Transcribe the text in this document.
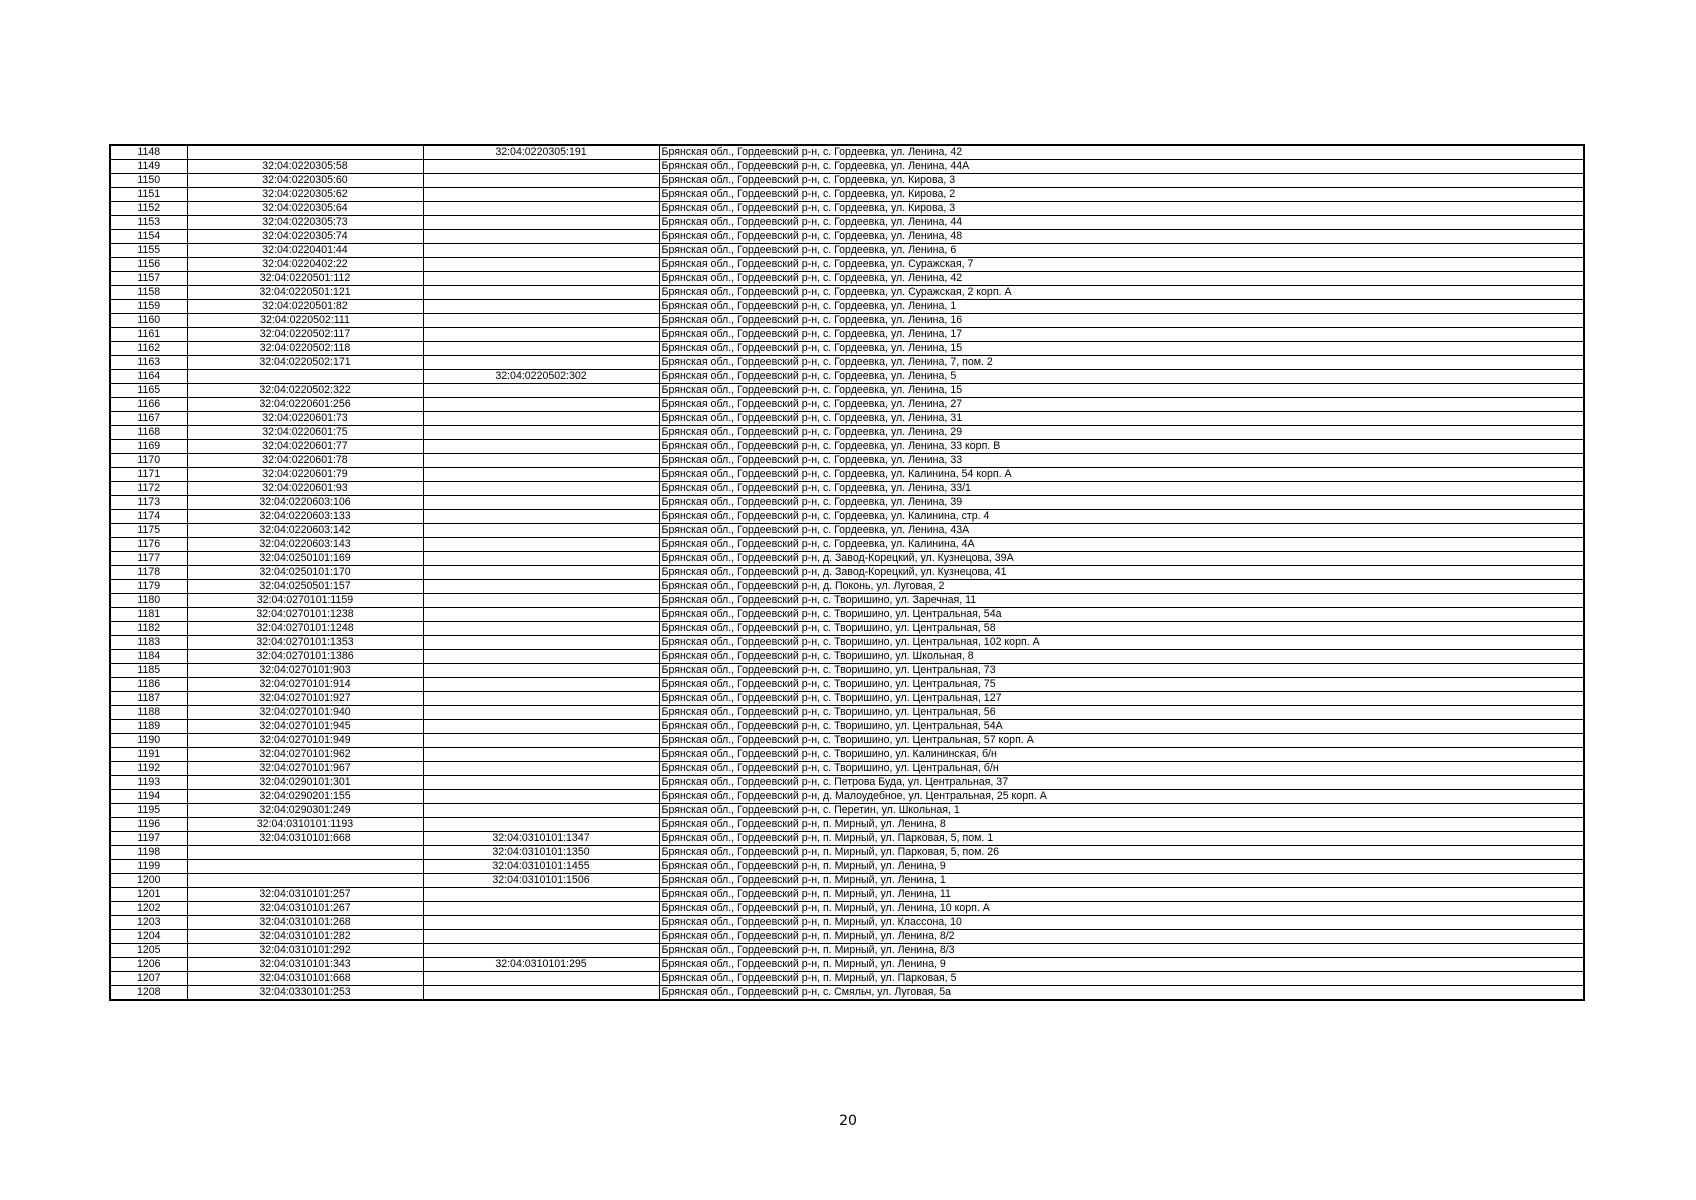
1148		32:04:0220305:191	Брянская обл., Гордеевский р-н, с. Гордеевка, ул. Ленина, 42
1149	32:04:0220305:58		Брянская обл., Гордеевский р-н, с. Гордеевка, ул. Ленина, 44А
1150	32:04:0220305:60		Брянская обл., Гордеевский р-н, с. Гордеевка, ул. Кирова, 3
1151	32:04:0220305:62		Брянская обл., Гордеевский р-н, с. Гордеевка, ул. Кирова, 2
1152	32:04:0220305:64		Брянская обл., Гордеевский р-н, с. Гордеевка, ул. Кирова, 3
1153	32:04:0220305:73		Брянская обл., Гордеевский р-н, с. Гордеевка, ул. Ленина, 44
1154	32:04:0220305:74		Брянская обл., Гордеевский р-н, с. Гордеевка, ул. Ленина, 48
1155	32:04:0220401:44		Брянская обл., Гордеевский р-н, с. Гордеевка, ул. Ленина, 6
1156	32:04:0220402:22		Брянская обл., Гордеевский р-н, с. Гордеевка, ул. Суражская, 7
1157	32:04:0220501:112		Брянская обл., Гордеевский р-н, с. Гордеевка, ул. Ленина, 42
1158	32:04:0220501:121		Брянская обл., Гордеевский р-н, с. Гордеевка, ул. Суражская, 2 корп. А
1159	32:04:0220501:82		Брянская обл., Гордеевский р-н, с. Гордеевка, ул. Ленина, 1
1160	32:04:0220502:111		Брянская обл., Гордеевский р-н, с. Гордеевка, ул. Ленина, 16
1161	32:04:0220502:117		Брянская обл., Гордеевский р-н, с. Гордеевка, ул. Ленина, 17
1162	32:04:0220502:118		Брянская обл., Гордеевский р-н, с. Гордеевка, ул. Ленина, 15
1163	32:04:0220502:171		Брянская обл., Гордеевский р-н, с. Гордеевка, ул. Ленина, 7, пом. 2
1164		32:04:0220502:302	Брянская обл., Гордеевский р-н, с. Гордеевка, ул. Ленина, 5
1165	32:04:0220502:322		Брянская обл., Гордеевский р-н, с. Гордеевка, ул. Ленина, 15
1166	32:04:0220601:256		Брянская обл., Гордеевский р-н, с. Гордеевка, ул. Ленина, 27
1167	32:04:0220601:73		Брянская обл., Гордеевский р-н, с. Гордеевка, ул. Ленина, 31
1168	32:04:0220601:75		Брянская обл., Гордеевский р-н, с. Гордеевка, ул. Ленина, 29
1169	32:04:0220601:77		Брянская обл., Гордеевский р-н, с. Гордеевка, ул. Ленина, 33 корп. В
1170	32:04:0220601:78		Брянская обл., Гордеевский р-н, с. Гордеевка, ул. Ленина, 33
1171	32:04:0220601:79		Брянская обл., Гордеевский р-н, с. Гордеевка, ул. Калинина, 54 корп. А
1172	32:04:0220601:93		Брянская обл., Гордеевский р-н, с. Гордеевка, ул. Ленина, 33/1
1173	32:04:0220603:106		Брянская обл., Гордеевский р-н, с. Гордеевка, ул. Ленина, 39
1174	32:04:0220603:133		Брянская обл., Гордеевский р-н, с. Гордеевка, ул. Калинина, стр. 4
1175	32:04:0220603:142		Брянская обл., Гордеевский р-н, с. Гордеевка, ул. Ленина, 43А
1176	32:04:0220603:143		Брянская обл., Гордеевский р-н, с. Гордеевка, ул. Калинина, 4А
1177	32:04:0250101:169		Брянская обл., Гордеевский р-н, д. Завод-Корецкий, ул. Кузнецова, 39А
1178	32:04:0250101:170		Брянская обл., Гордеевский р-н, д. Завод-Корецкий, ул. Кузнецова, 41
1179	32:04:0250501:157		Брянская обл., Гордеевский р-н, д. Поконь, ул. Луговая, 2
1180	32:04:0270101:1159		Брянская обл., Гордеевский р-н, с. Творишино, ул. Заречная, 11
1181	32:04:0270101:1238		Брянская обл., Гордеевский р-н, с. Творишино, ул. Центральная, 54а
1182	32:04:0270101:1248		Брянская обл., Гордеевский р-н, с. Творишино, ул. Центральная, 58
1183	32:04:0270101:1353		Брянская обл., Гордеевский р-н, с. Творишино, ул. Центральная, 102 корп. А
1184	32:04:0270101:1386		Брянская обл., Гордеевский р-н, с. Творишино, ул. Школьная, 8
1185	32:04:0270101:903		Брянская обл., Гордеевский р-н, с. Творишино, ул. Центральная, 73
1186	32:04:0270101:914		Брянская обл., Гордеевский р-н, с. Творишино, ул. Центральная, 75
1187	32:04:0270101:927		Брянская обл., Гордеевский р-н, с. Творишино, ул. Центральная, 127
1188	32:04:0270101:940		Брянская обл., Гордеевский р-н, с. Творишино, ул. Центральная, 56
1189	32:04:0270101:945		Брянская обл., Гордеевский р-н, с. Творишино, ул. Центральная, 54А
1190	32:04:0270101:949		Брянская обл., Гордеевский р-н, с. Творишино, ул. Центральная, 57 корп. А
1191	32:04:0270101:962		Брянская обл., Гордеевский р-н, с. Творишино, ул. Калининская, б/н
1192	32:04:0270101:967		Брянская обл., Гордеевский р-н, с. Творишино, ул. Центральная, б/н
1193	32:04:0290101:301		Брянская обл., Гордеевский р-н, с. Петрова Буда, ул. Центральная, 37
1194	32:04:0290201:155		Брянская обл., Гордеевский р-н, д. Малоудебное, ул. Центральная, 25 корп. А
1195	32:04:0290301:249		Брянская обл., Гордеевский р-н, с. Перетин, ул. Школьная, 1
1196	32:04:0310101:1193		Брянская обл., Гордеевский р-н, п. Мирный, ул. Ленина, 8
1197	32:04:0310101:668	32:04:0310101:1347	Брянская обл., Гордеевский р-н, п. Мирный, ул. Парковая, 5, пом. 1
1198		32:04:0310101:1350	Брянская обл., Гордеевский р-н, п. Мирный, ул. Парковая, 5, пом. 26
1199		32:04:0310101:1455	Брянская обл., Гордеевский р-н, п. Мирный, ул. Ленина, 9
1200		32:04:0310101:1506	Брянская обл., Гордеевский р-н, п. Мирный, ул. Ленина, 1
1201	32:04:0310101:257		Брянская обл., Гордеевский р-н, п. Мирный, ул. Ленина, 11
1202	32:04:0310101:267		Брянская обл., Гордеевский р-н, п. Мирный, ул. Ленина, 10 корп. А
1203	32:04:0310101:268		Брянская обл., Гордеевский р-н, п. Мирный, ул. Классона, 10
1204	32:04:0310101:282		Брянская обл., Гордеевский р-н, п. Мирный, ул. Ленина, 8/2
1205	32:04:0310101:292		Брянская обл., Гордеевский р-н, п. Мирный, ул. Ленина, 8/3
1206	32:04:0310101:343	32:04:0310101:295	Брянская обл., Гордеевский р-н, п. Мирный, ул. Ленина, 9
1207	32:04:0310101:668		Брянская обл., Гордеевский р-н, п. Мирный, ул. Парковая, 5
1208	32:04:0330101:253		Брянская обл., Гордеевский р-н, с. Смяльч, ул. Луговая, 5а
20
